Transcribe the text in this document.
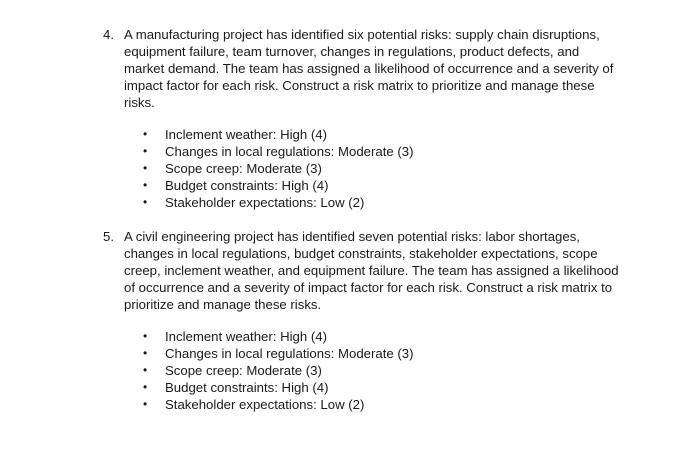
4. A manufacturing project has identified six potential risks: supply chain disruptions, equipment failure, team turnover, changes in regulations, product defects, and market demand. The team has assigned a likelihood of occurrence and a severity of impact factor for each risk. Construct a risk matrix to prioritize and manage these risks.

•	Inclement weather: High (4)
•	Changes in local regulations: Moderate (3)
•	Scope creep: Moderate (3)
•	Budget constraints: High (4)
•	Stakeholder expectations: Low (2)
5. A civil engineering project has identified seven potential risks: labor shortages, changes in local regulations, budget constraints, stakeholder expectations, scope creep, inclement weather, and equipment failure. The team has assigned a likelihood of occurrence and a severity of impact factor for each risk. Construct a risk matrix to prioritize and manage these risks.

•	Inclement weather: High (4)
•	Changes in local regulations: Moderate (3)
•	Scope creep: Moderate (3)
•	Budget constraints: High (4)
•	Stakeholder expectations: Low (2)
